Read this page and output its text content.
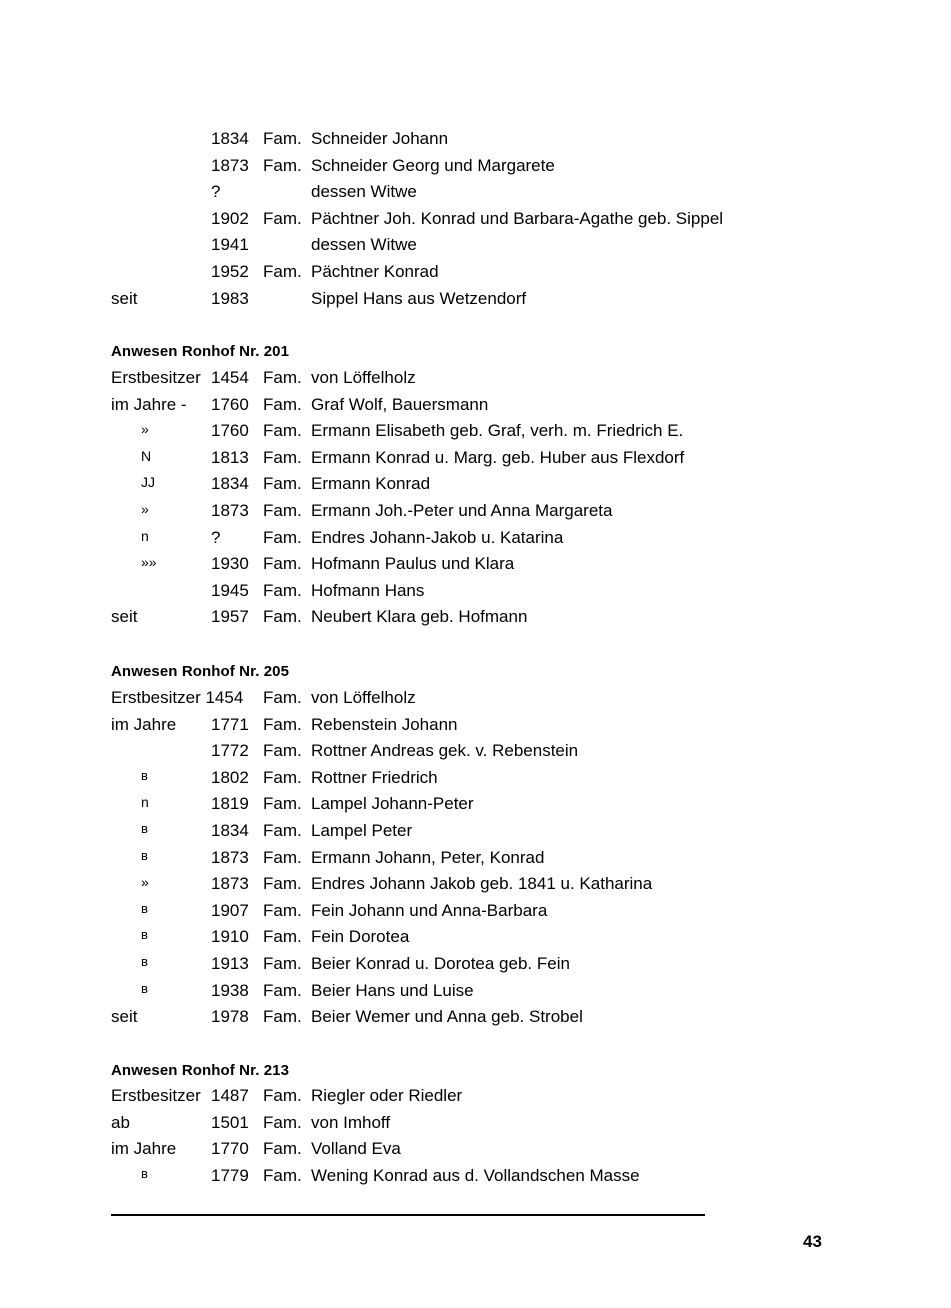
1834 Fam. Schneider Johann
1873 Fam. Schneider Georg und Margarete
?	dessen Witwe
1902 Fam. Pächtner Joh. Konrad und Barbara-Agathe geb. Sippel
1941	dessen Witwe
1952 Fam. Pächtner Konrad
seit	1983	Sippel Hans aus Wetzendorf
Anwesen Ronhof Nr. 201
Erstbesitzer 1454 Fam. von Löffelholz
im Jahre -	1760 Fam. Graf Wolf, Bauersmann
»	1760 Fam. Ermann Elisabeth geb. Graf, verh. m. Friedrich E.
N	1813 Fam. Ermann Konrad u. Marg. geb. Huber aus Flexdorf
JJ	1834 Fam. Ermann Konrad
»	1873 Fam. Ermann Joh.-Peter und Anna Margareta
n	?	Fam. Endres Johann-Jakob u. Katarina
»»	1930 Fam. Hofmann Paulus und Klara
1945 Fam. Hofmann Hans
seit	1957 Fam. Neubert Klara geb. Hofmann
Anwesen Ronhof Nr. 205
Erstbesitzer 1454 Fam. von Löffelholz
im Jahre	1771 Fam. Rebenstein Johann
1772 Fam. Rottner Andreas gek. v. Rebenstein
в	1802 Fam. Rottner Friedrich
n	1819 Fam. Lampel Johann-Peter
в	1834 Fam. Lampel Peter
в	1873 Fam. Ermann Johann, Peter, Konrad
»	1873 Fam. Endres Johann Jakob geb. 1841 u. Katharina
в	1907 Fam. Fein Johann und Anna-Barbara
в	1910 Fam. Fein Dorotea
в	1913 Fam. Beier Konrad u. Dorotea geb. Fein
в	1938 Fam. Beier Hans und Luise
seit	1978 Fam. Beier Wemer und Anna geb. Strobel
Anwesen Ronhof Nr. 213
Erstbesitzer 1487 Fam. Riegler oder Riedler
ab	1501 Fam. von Imhoff
im Jahre	1770 Fam. Volland Eva
в	1779 Fam. Wening Konrad aus d. Vollandschen Masse
43
